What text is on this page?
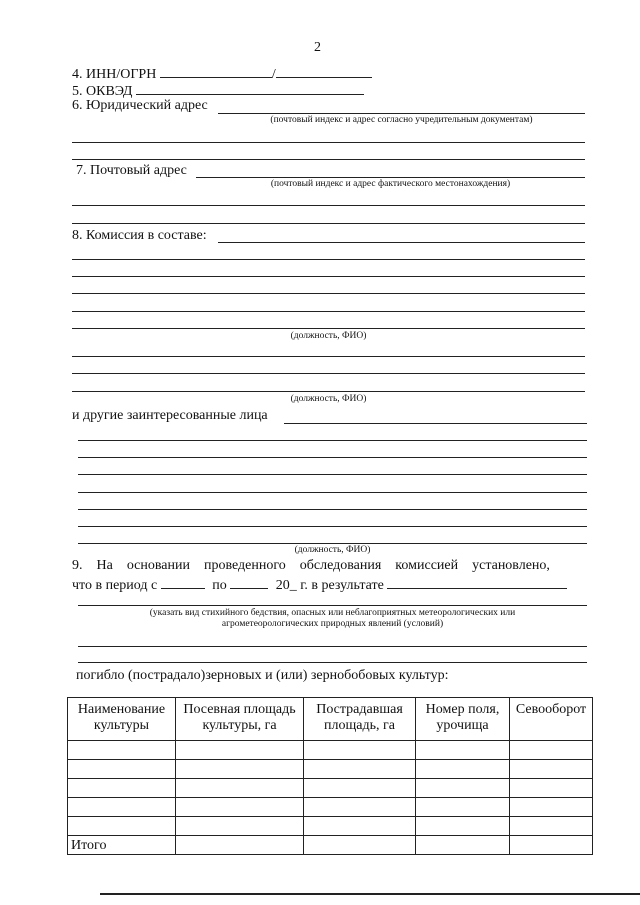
2
4. ИНН/ОГРН	/
5. ОКВЭД
6. Юридический адрес
(почтовый индекс и адрес согласно учредительным документам)
7. Почтовый адрес
(почтовый индекс и адрес фактического местонахождения)
8. Комиссия в составе:
(должность, ФИО)
(должность, ФИО)
и другие заинтересованные лица
(должность, ФИО)
9.    На    основании    проведенного    обследования    комиссией    установлено,
что в период с	по	20_ г. в результате
(указать вид стихийного бедствия, опасных или неблагоприятных метеорологических или
агрометеорологических природных явлений (условий)
погибло (пострадало)зерновых и (или) зернобобовых культур:
Наименование культуры	Посевная площадь культуры, га	Пострадавшая площадь, га	Номер поля, урочища	Севооборот

Итого				
